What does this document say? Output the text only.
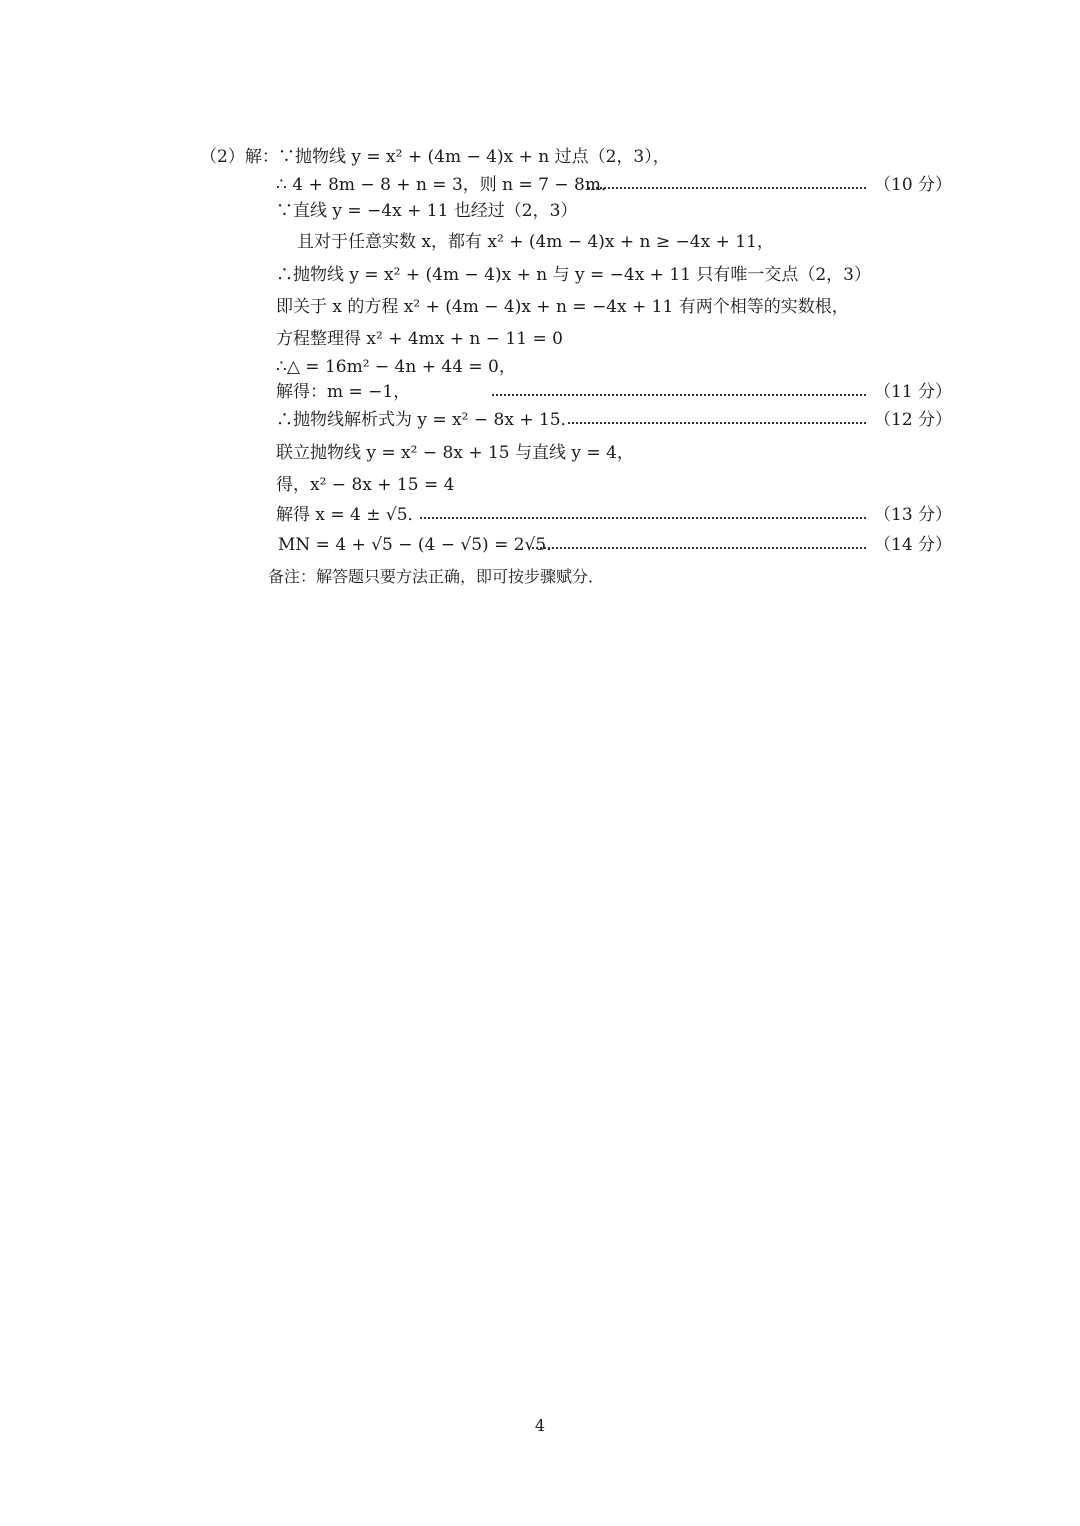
（2）解： ∵抛物线 y = x² + (4m − 4)x + n 过点（2，3），
∴ 4 + 8m − 8 + n = 3，则 n = 7 − 8m．	（10 分）
∵直线 y = −4x + 11 也经过（2，3）
且对于任意实数 x，都有 x² + (4m − 4)x + n ≥ −4x + 11，
∴抛物线 y = x² + (4m − 4)x + n 与 y = −4x + 11 只有唯一交点（2，3）
即关于 x 的方程 x² + (4m − 4)x + n = −4x + 11 有两个相等的实数根，
方程整理得 x² + 4mx + n − 11 = 0
∴△ = 16m² − 4n + 44 = 0，
解得：m = −1，	（11 分）
∴抛物线解析式为 y = x² − 8x + 15．	（12 分）
联立抛物线 y = x² − 8x + 15 与直线 y = 4，
得，x² − 8x + 15 = 4
解得 x = 4 ± √5．	（13 分）
MN = 4 + √5 − (4 − √5) = 2√5．	（14 分）
备注：解答题只要方法正确，即可按步骤赋分．
4
